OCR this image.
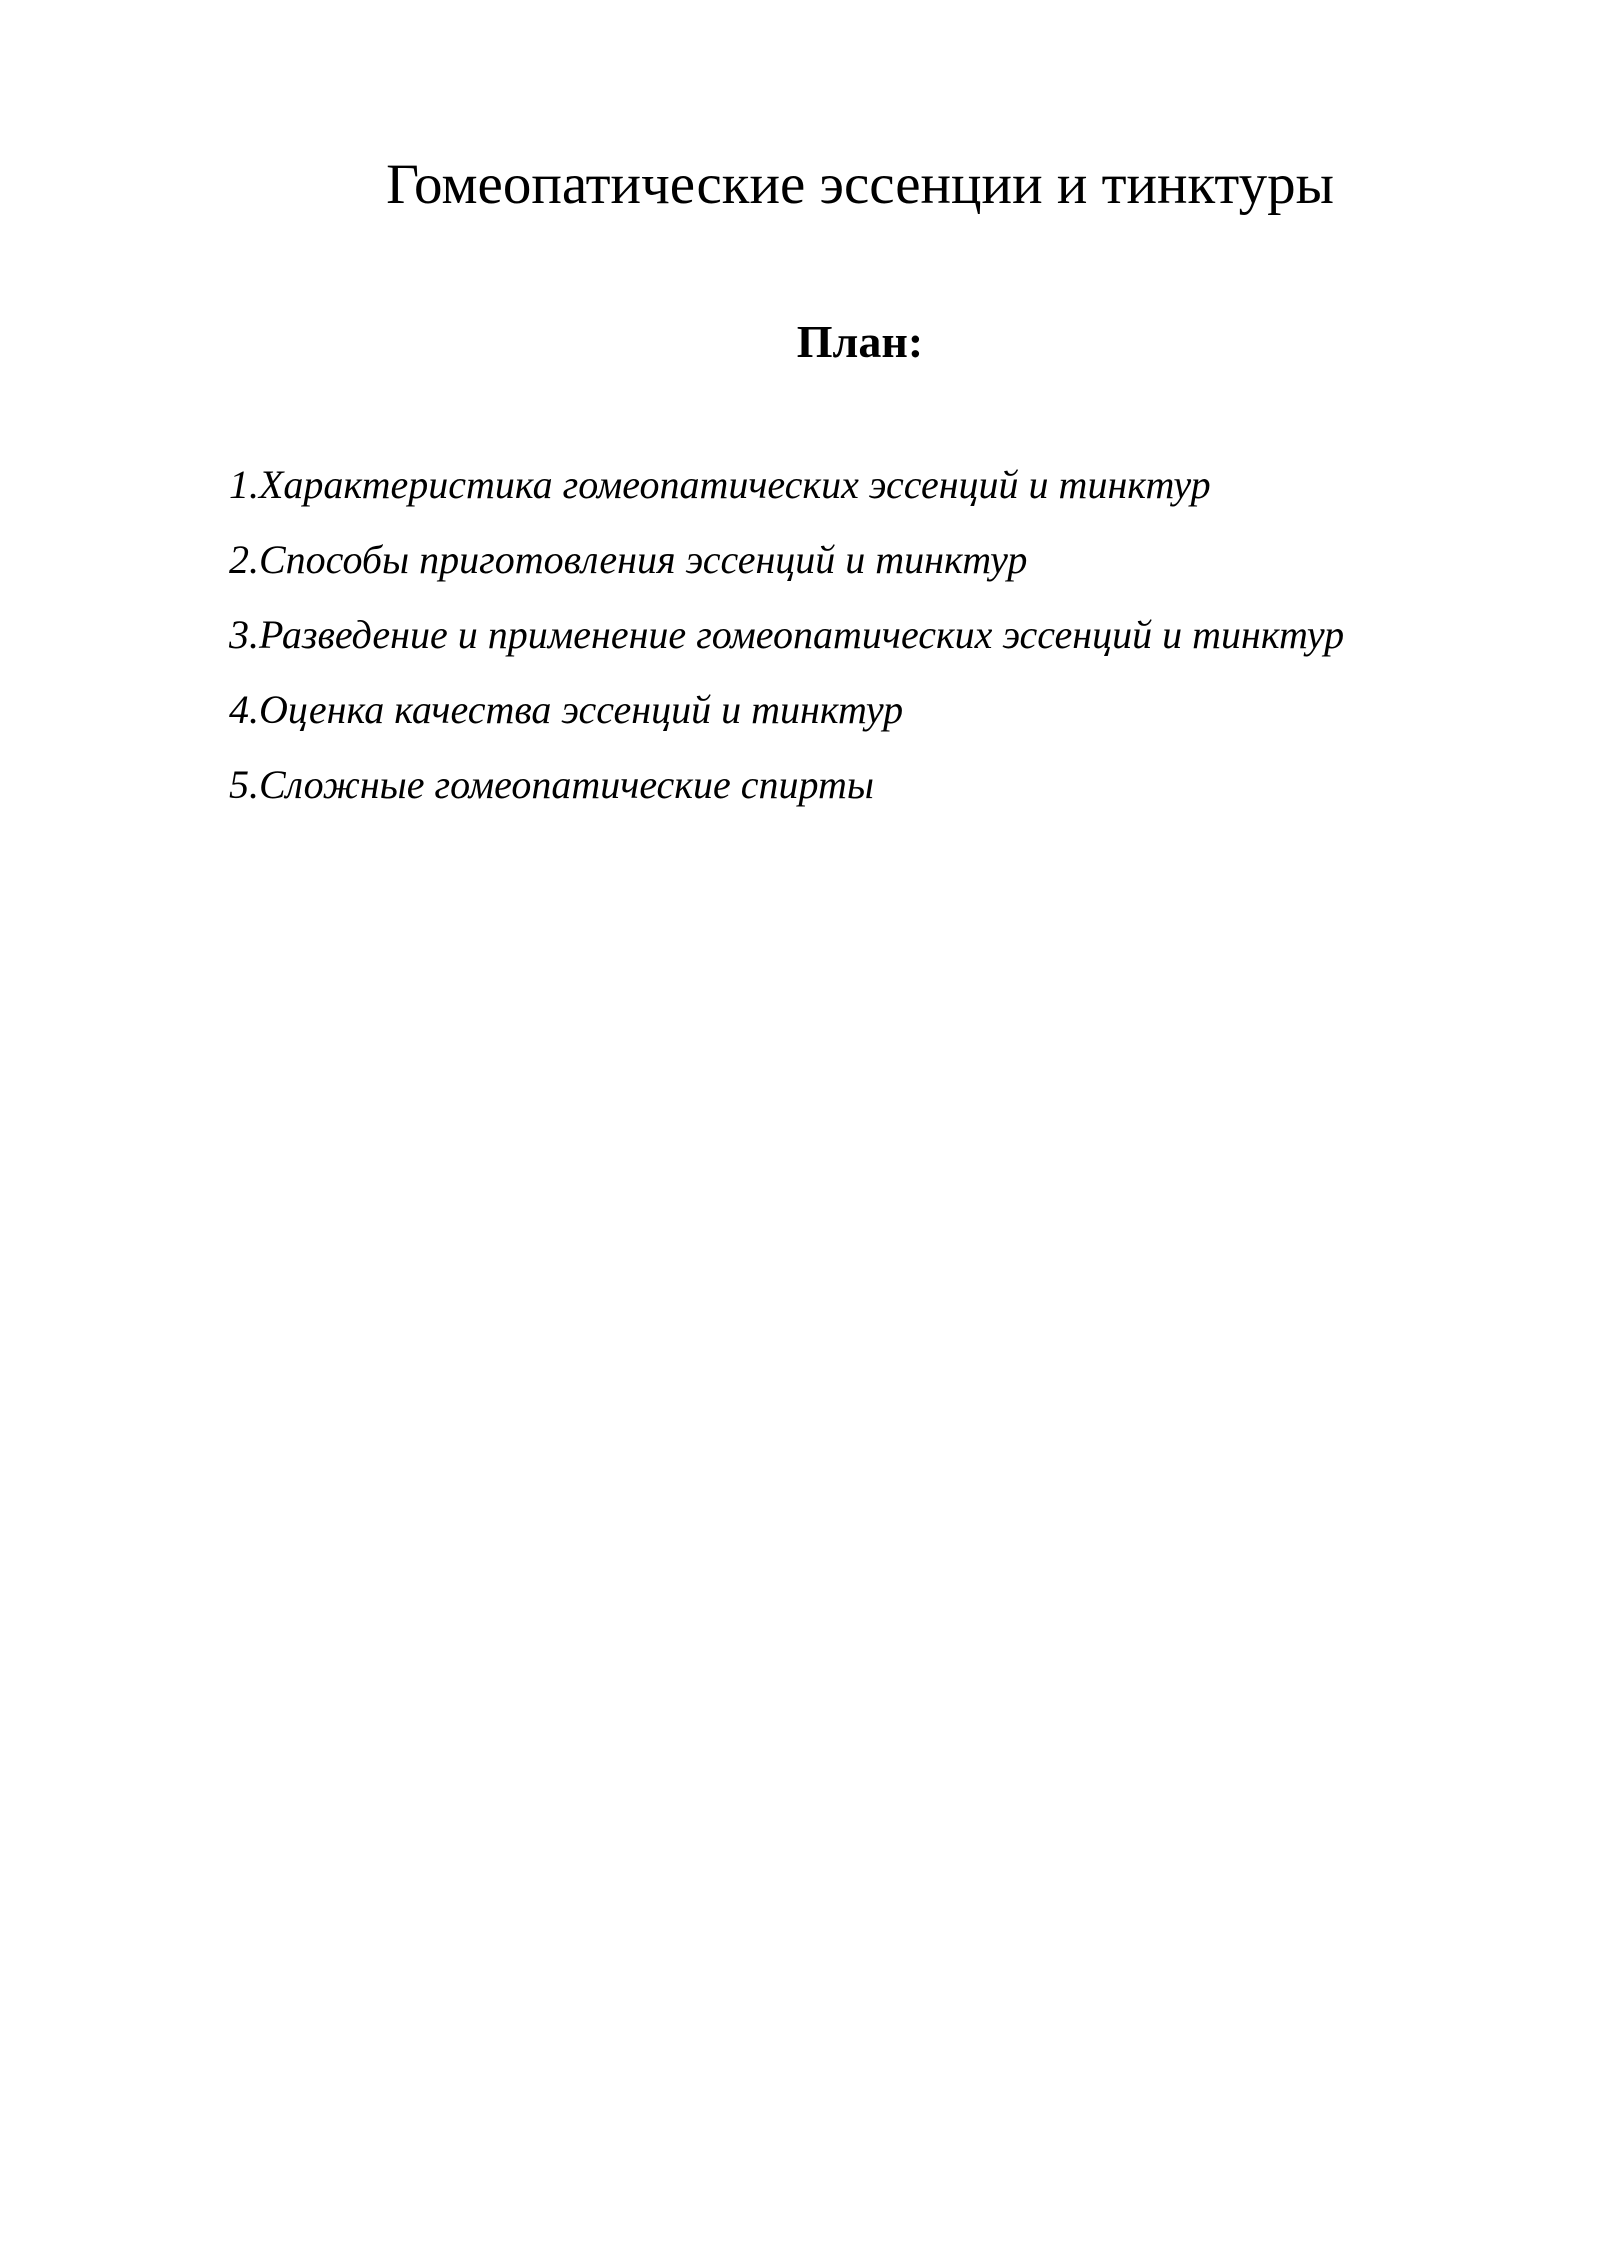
Гомеопатические эссенции и тинктуры
План:
1.Характеристика гомеопатических эссенций и тинктур
2.Способы приготовления эссенций и тинктур
3.Разведение и применение гомеопатических эссенций и тинктур
4.Оценка качества эссенций и тинктур
5.Сложные гомеопатические спирты
